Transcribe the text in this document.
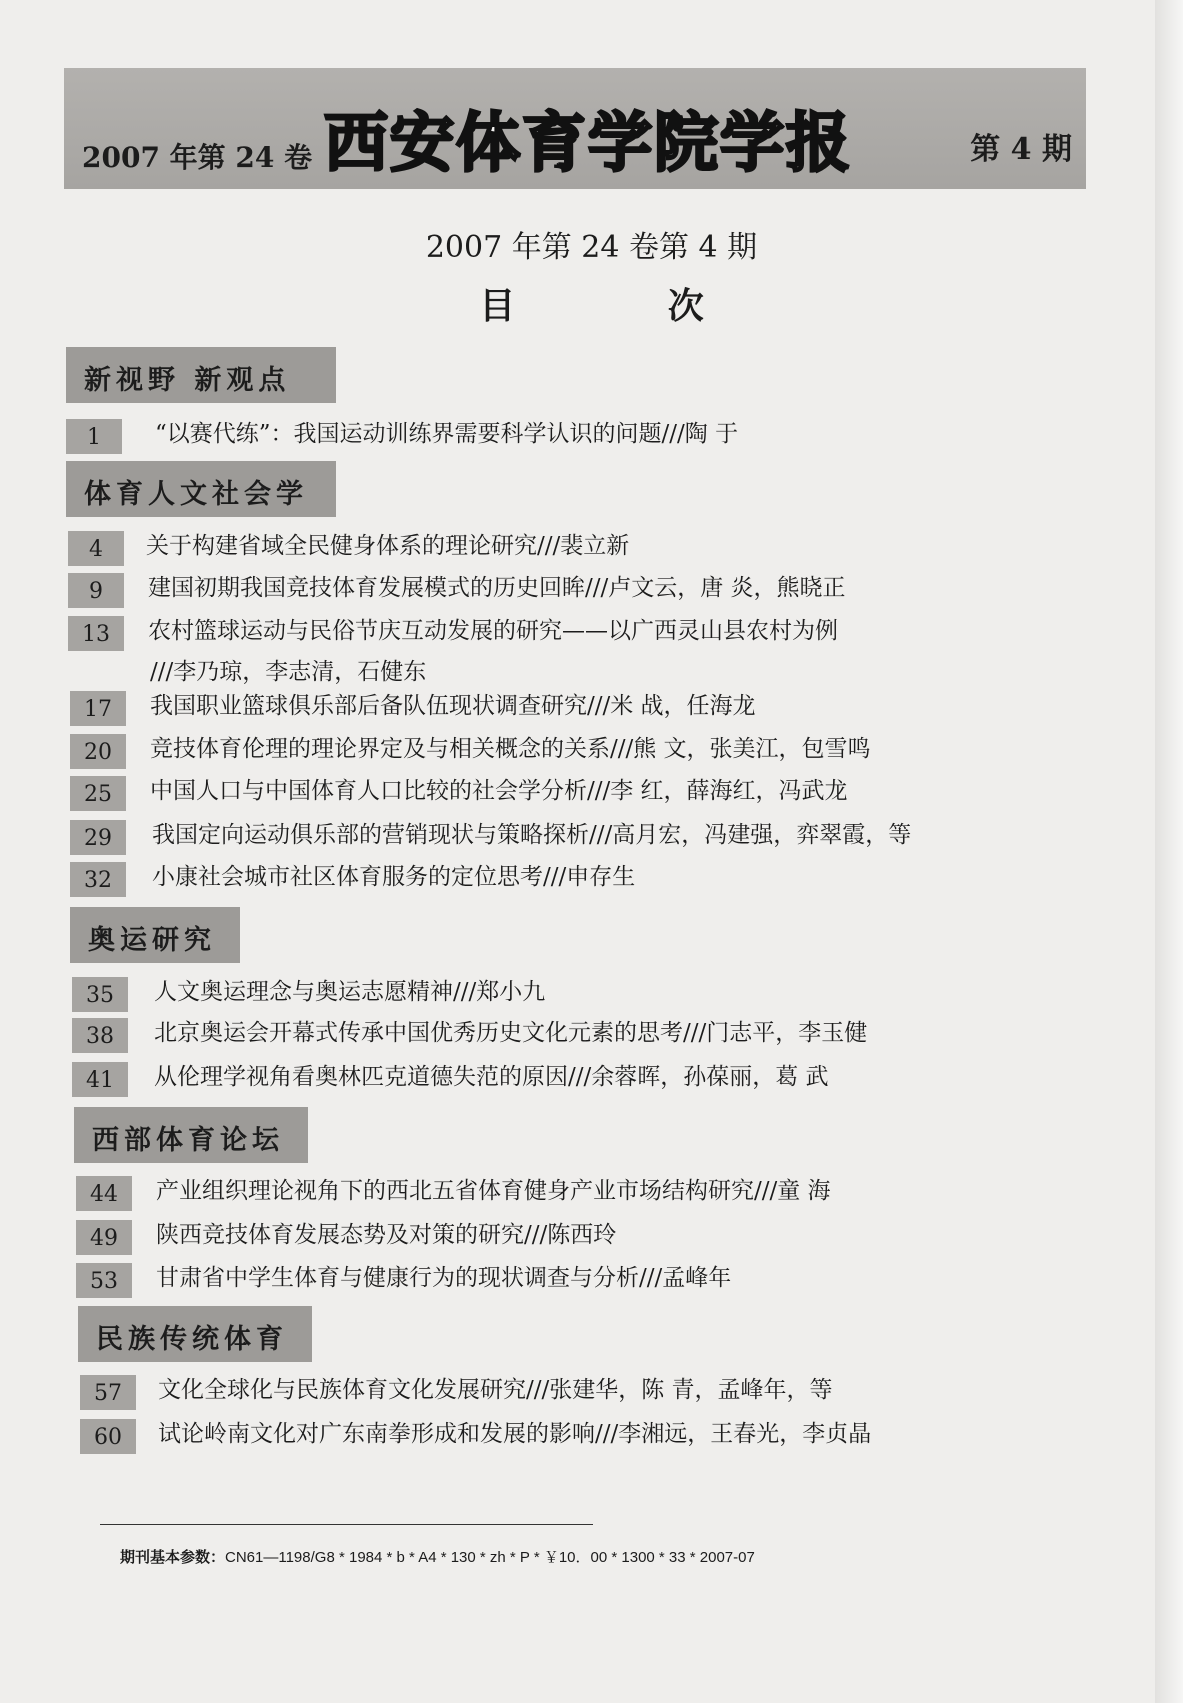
2007 年第 24 卷 西安体育学院学报	第 4 期
2007 年第 24 卷第 4 期
目 次
新视野 新观点
1	“以赛代练”：我国运动训练界需要科学认识的问题///陶 于
体育人文社会学
4	关于构建省域全民健身体系的理论研究///裴立新
9	建国初期我国竞技体育发展模式的历史回眸///卢文云，唐 炎，熊晓正
13	农村篮球运动与民俗节庆互动发展的研究——以广西灵山县农村为例
///李乃琼，李志清，石健东
17	我国职业篮球俱乐部后备队伍现状调查研究///米 战，任海龙
20	竞技体育伦理的理论界定及与相关概念的关系///熊 文，张美江，包雪鸣
25	中国人口与中国体育人口比较的社会学分析///李 红，薛海红，冯武龙
29	我国定向运动俱乐部的营销现状与策略探析///高月宏，冯建强，弈翠霞，等
32	小康社会城市社区体育服务的定位思考///申存生
奥运研究
35	人文奥运理念与奥运志愿精神///郑小九
38	北京奥运会开幕式传承中国优秀历史文化元素的思考///门志平，李玉健
41	从伦理学视角看奥林匹克道德失范的原因///余蓉晖，孙葆丽，葛 武
西部体育论坛
44	产业组织理论视角下的西北五省体育健身产业市场结构研究///童 海
49	陕西竞技体育发展态势及对策的研究///陈西玲
53	甘肃省中学生体育与健康行为的现状调查与分析///孟峰年
民族传统体育
57	文化全球化与民族体育文化发展研究///张建华，陈 青，孟峰年，等
60	试论岭南文化对广东南拳形成和发展的影响///李湘远，王春光，李贞晶
期刊基本参数：CN61—1198/G8 * 1984 * b * A4 * 130 * zh * P * ￥10．00 * 1300 * 33 * 2007-07
